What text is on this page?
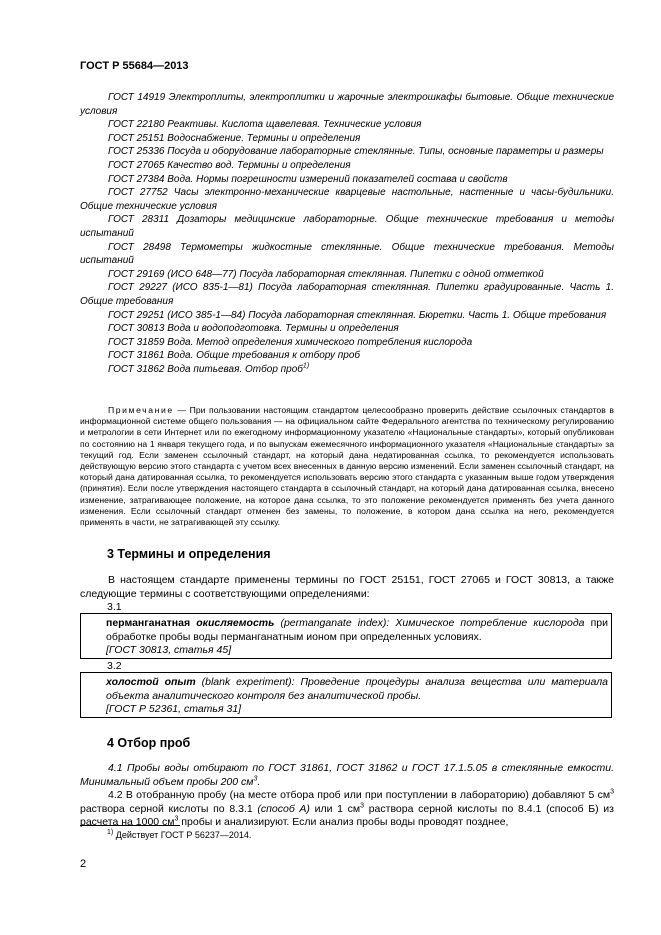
ГОСТ Р 55684—2013

ГОСТ 14919 Электроплиты, электроплитки и жарочные электрошкафы бытовые. Общие технические условия

ГОСТ 22180 Реактивы. Кислота щавелевая. Технические условия

ГОСТ 25151 Водоснабжение. Термины и определения

ГОСТ 25336 Посуда и оборудование лабораторные стеклянные. Типы, основные параметры и размеры

ГОСТ 27065 Качество вод. Термины и определения

ГОСТ 27384 Вода. Нормы погрешности измерений показателей состава и свойств

ГОСТ 27752 Часы электронно-механические кварцевые настольные, настенные и часы-будильники. Общие технические условия

ГОСТ 28311 Дозаторы медицинские лабораторные. Общие технические требования и методы испытаний

ГОСТ 28498 Термометры жидкостные стеклянные. Общие технические требования. Методы испытаний

ГОСТ 29169 (ИСО 648—77) Посуда лабораторная стеклянная. Пипетки с одной отметкой

ГОСТ 29227 (ИСО 835-1—81) Посуда лабораторная стеклянная. Пипетки градуированные. Часть 1. Общие требования

ГОСТ 29251 (ИСО 385-1—84) Посуда лабораторная стеклянная. Бюретки. Часть 1. Общие требования

ГОСТ 30813 Вода и водоподготовка. Термины и определения

ГОСТ 31859 Вода. Метод определения химического потребления кислорода

ГОСТ 31861 Вода. Общие требования к отбору проб

ГОСТ 31862 Вода питьевая. Отбор проб$^{1)}$

Примечание — При пользовании настоящим стандартом целесообразно проверить действие ссылочных стандартов в информационной системе общего пользования — на официальном сайте Федерального агентства по техническому регулированию и метрологии в сети Интернет или по ежегодному информационному указателю «Национальные стандарты», который опубликован по состоянию на 1 января текущего года, и по выпускам ежемесячного информационного указателя «Национальные стандарты» за текущий год. Если заменен ссылочный стандарт, на который дана недатированная ссылка, то рекомендуется использовать действующую версию этого стандарта с учетом всех внесенных в данную версию изменений. Если заменен ссылочный стандарт, на который дана датированная ссылка, то рекомендуется использовать версию этого стандарта с указанным выше годом утверждения (принятия). Если после утверждения настоящего стандарта в ссылочный стандарт, на который дана датированная ссылка, внесено изменение, затрагивающее положение, на которое дана ссылка, то это положение рекомендуется применять без учета данного изменения. Если ссылочный стандарт отменен без замены, то положение, в котором дана ссылка на него, рекомендуется применять в части, не затрагивающей эту ссылку.

3 Термины и определения

В настоящем стандарте применены термины по ГОСТ 25151, ГОСТ 27065 и ГОСТ 30813, а также следующие термины с соответствующими определениями:

3.1

перманганатная окисляемость (permanganate index): Химическое потребление кислорода при обработке пробы воды перманганатным ионом при определенных условиях.

[ГОСТ 30813, статья 45]

3.2

холостой опыт (blank experiment): Проведение процедуры анализа вещества или материала объекта аналитического контроля без аналитической пробы.

[ГОСТ Р 52361, статья 31]

4 Отбор проб

4.1 Пробы воды отбирают по ГОСТ 31861, ГОСТ 31862 и ГОСТ 17.1.5.05 в стеклянные емкости. Минимальный объем пробы 200 $см^3$.

4.2 В отобранную пробу (на месте отбора проб или при поступлении в лабораторию) добавляют 5 $см^3$ раствора серной кислоты по 8.3.1 (способ А) или 1 $см^3$ раствора серной кислоты по 8.4.1 (способ Б) из расчета на 1000 $см^3$ пробы и анализируют. Если анализ пробы воды проводят позднее,

$^{1)}$ Действует ГОСТ Р 56237—2014.
2
